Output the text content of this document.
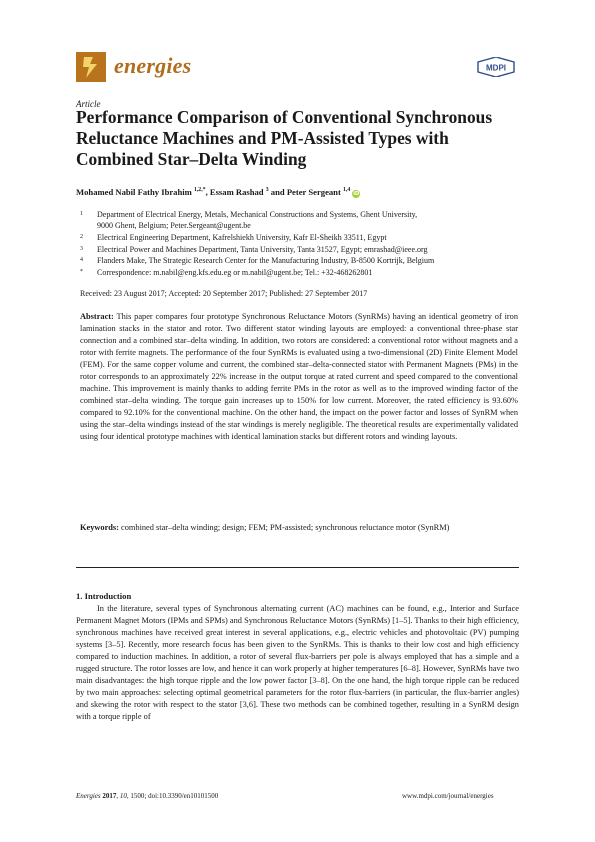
energies	MDPI
Article
Performance Comparison of Conventional Synchronous Reluctance Machines and PM-Assisted Types with Combined Star–Delta Winding
Mohamed Nabil Fathy Ibrahim $^{1,2,*}$, Essam Rashad $^3$ and Peter Sergeant $^{1,4}$iD
1 Department of Electrical Energy, Metals, Mechanical Constructions and Systems, Ghent University,
9000 Ghent, Belgium; Peter.Sergeant@ugent.be
2 Electrical Engineering Department, Kafrelshiekh University, Kafr El-Sheikh 33511, Egypt
3 Electrical Power and Machines Department, Tanta University, Tanta 31527, Egypt; emrashad@ieee.org
4 Flanders Make, The Strategic Research Center for the Manufacturing Industry, B-8500 Kortrijk, Belgium
* Correspondence: m.nabil@eng.kfs.edu.eg or m.nabil@ugent.be; Tel.: +32-468262801
Received: 23 August 2017; Accepted: 20 September 2017; Published: 27 September 2017
Abstract: This paper compares four prototype Synchronous Reluctance Motors (SynRMs) having an identical geometry of iron lamination stacks in the stator and rotor. Two different stator winding layouts are employed: a conventional three-phase star connection and a combined star–delta winding. In addition, two rotors are considered: a conventional rotor without magnets and a rotor with ferrite magnets. The performance of the four SynRMs is evaluated using a two-dimensional (2D) Finite Element Model (FEM). For the same copper volume and current, the combined star–delta-connected stator with Permanent Magnets (PMs) in the rotor corresponds to an approximately 22% increase in the output torque at rated current and speed compared to the conventional machine. This improvement is mainly thanks to adding ferrite PMs in the rotor as well as to the improved winding factor of the combined star–delta winding. The torque gain increases up to 150% for low current. Moreover, the rated efficiency is 93.60% compared to 92.10% for the conventional machine. On the other hand, the impact on the power factor and losses of SynRM when using the star–delta windings instead of the star windings is merely negligible. The theoretical results are experimentally validated using four identical prototype machines with identical lamination stacks but different rotors and winding layouts.
Keywords: combined star–delta winding; design; FEM; PM-assisted; synchronous reluctance motor (SynRM)
1. Introduction
In the literature, several types of Synchronous alternating current (AC) machines can be found, e.g., Interior and Surface Permanent Magnet Motors (IPMs and SPMs) and Synchronous Reluctance Motors (SynRMs) [1–5]. Thanks to their high efficiency, synchronous machines have received great interest in several applications, e.g., electric vehicles and photovoltaic (PV) pumping systems [3–5]. Recently, more research focus has been given to the SynRMs. This is thanks to their low cost and high efficiency compared to induction machines. In addition, a rotor of several flux-barriers per pole is always employed that has a simple and a rugged structure. The rotor losses are low, and hence it can work properly at higher temperatures [6–8]. However, SynRMs have two main disadvantages: the high torque ripple and the low power factor [3–8]. On the one hand, the high torque ripple can be reduced by two main approaches: selecting optimal geometrical parameters for the rotor flux-barriers (in particular, the flux-barrier angles) and skewing the rotor with respect to the stator [3,6]. These two methods can be combined together, resulting in a SynRM design with a torque ripple of
Energies 2017, 10, 1500; doi:10.3390/en10101500	www.mdpi.com/journal/energies
